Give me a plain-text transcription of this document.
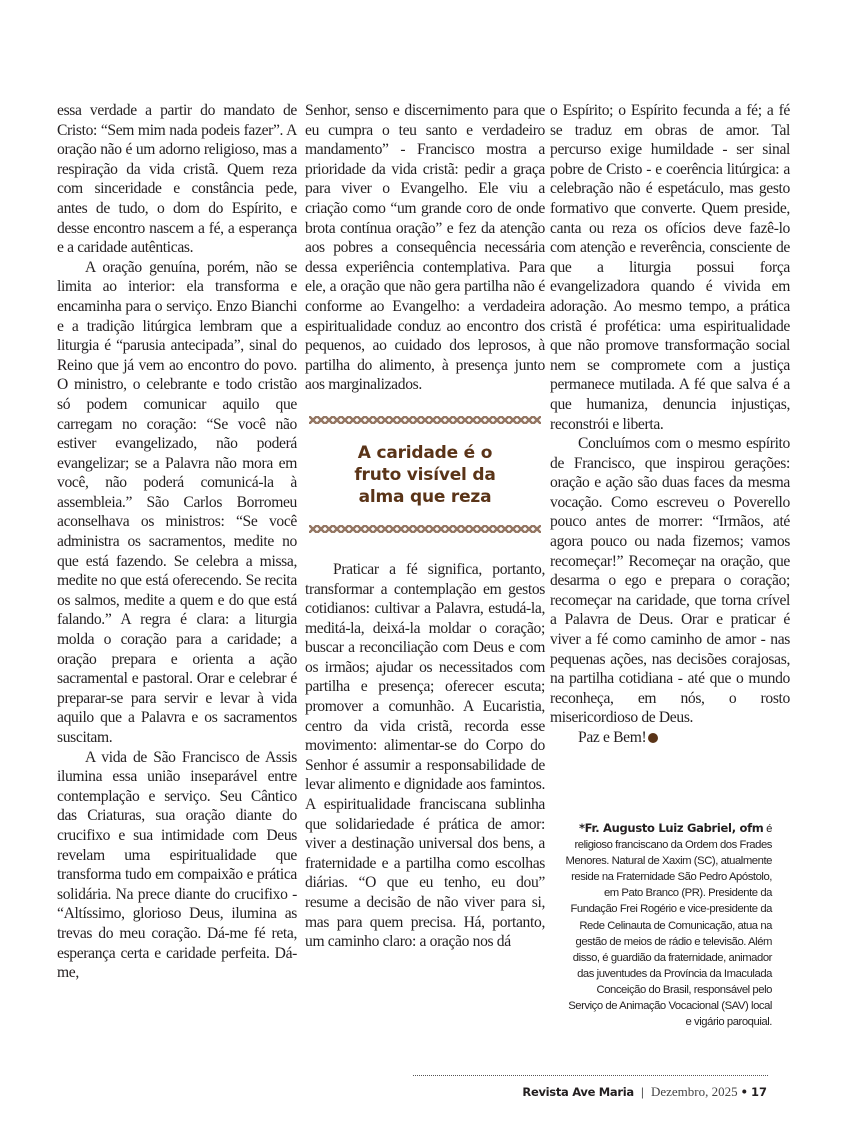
essa verdade a partir do mandato de Cristo: “Sem mim nada podeis fazer”. A oração não é um adorno religioso, mas a respiração da vida cristã. Quem reza com sinceridade e constância pede, antes de tudo, o dom do Espírito, e desse encontro nascem a fé, a esperança e a caridade autênticas.

A oração genuína, porém, não se limita ao interior: ela transforma e encaminha para o serviço. Enzo Bianchi e a tradição litúrgica lembram que a liturgia é “parusia antecipada”, sinal do Reino que já vem ao encontro do povo. O ministro, o celebrante e todo cristão só podem comunicar aquilo que carregam no coração: “Se você não estiver evangelizado, não poderá evangelizar; se a Palavra não mora em você, não poderá comunicá-la à assembleia.” São Carlos Borromeu aconselhava os ministros: “Se você administra os sacramentos, medite no que está fazendo. Se celebra a missa, medite no que está oferecendo. Se recita os salmos, medite a quem e do que está falando.” A regra é clara: a liturgia molda o coração para a caridade; a oração prepara e orienta a ação sacramental e pastoral. Orar e celebrar é preparar-se para servir e levar à vida aquilo que a Palavra e os sacramentos suscitam.

A vida de São Francisco de Assis ilumina essa união inseparável entre contemplação e serviço. Seu Cântico das Criaturas, sua oração diante do crucifixo e sua intimidade com Deus revelam uma espiritualidade que transforma tudo em compaixão e prática solidária. Na prece diante do crucifixo - “Altíssimo, glorioso Deus, ilumina as trevas do meu coração. Dá-me fé reta, esperança certa e caridade perfeita. Dá-me,

Senhor, senso e discernimento para que eu cumpra o teu santo e verdadeiro mandamento” - Francisco mostra a prioridade da vida cristã: pedir a graça para viver o Evangelho. Ele viu a criação como “um grande coro de onde brota contínua oração” e fez da atenção aos pobres a consequência necessária dessa experiência contemplativa. Para ele, a oração que não gera partilha não é conforme ao Evangelho: a verdadeira espiritualidade conduz ao encontro dos pequenos, ao cuidado dos leprosos, à partilha do alimento, à presença junto aos marginalizados.

A caridade é o
fruto visível da
alma que reza

Praticar a fé significa, portanto, transformar a contemplação em gestos cotidianos: cultivar a Palavra, estudá-la, meditá-la, deixá-la moldar o coração; buscar a reconciliação com Deus e com os irmãos; ajudar os necessitados com partilha e presença; oferecer escuta; promover a comunhão. A Eucaristia, centro da vida cristã, recorda esse movimento: alimentar-se do Corpo do Senhor é assumir a responsabilidade de levar alimento e dignidade aos famintos. A espiritualidade franciscana sublinha que solidariedade é prática de amor: viver a destinação universal dos bens, a fraternidade e a partilha como escolhas diárias. “O que eu tenho, eu dou” resume a decisão de não viver para si, mas para quem precisa. Há, portanto, um caminho claro: a oração nos dá

o Espírito; o Espírito fecunda a fé; a fé se traduz em obras de amor. Tal percurso exige humildade - ser sinal pobre de Cristo - e coerência litúrgica: a celebração não é espetáculo, mas gesto formativo que converte. Quem preside, canta ou reza os ofícios deve fazê-lo com atenção e reverência, consciente de que a liturgia possui força evangelizadora quando é vivida em adoração. Ao mesmo tempo, a prática cristã é profética: uma espiritualidade que não promove transformação social nem se compromete com a justiça permanece mutilada. A fé que salva é a que humaniza, denuncia injustiças, reconstrói e liberta.

Concluímos com o mesmo espírito de Francisco, que inspirou gerações: oração e ação são duas faces da mesma vocação. Como escreveu o Poverello pouco antes de morrer: “Irmãos, até agora pouco ou nada fizemos; vamos recomeçar!” Recomeçar na oração, que desarma o ego e prepara o coração; recomeçar na caridade, que torna crível a Palavra de Deus. Orar e praticar é viver a fé como caminho de amor - nas pequenas ações, nas decisões corajosas, na partilha cotidiana - até que o mundo reconheça, em nós, o rosto misericordioso de Deus.

Paz e Bem!

*Fr. Augusto Luiz Gabriel, ofm é religioso franciscano da Ordem dos Frades Menores. Natural de Xaxim (SC), atualmente reside na Fraternidade São Pedro Apóstolo, em Pato Branco (PR). Presidente da Fundação Frei Rogério e vice-presidente da Rede Celinauta de Comunicação, atua na gestão de meios de rádio e televisão. Além disso, é guardião da fraternidade, animador das juventudes da Província da Imaculada Conceição do Brasil, responsável pelo Serviço de Animação Vocacional (SAV) local e vigário paroquial.
Revista Ave Maria | Dezembro, 2025 • 17
